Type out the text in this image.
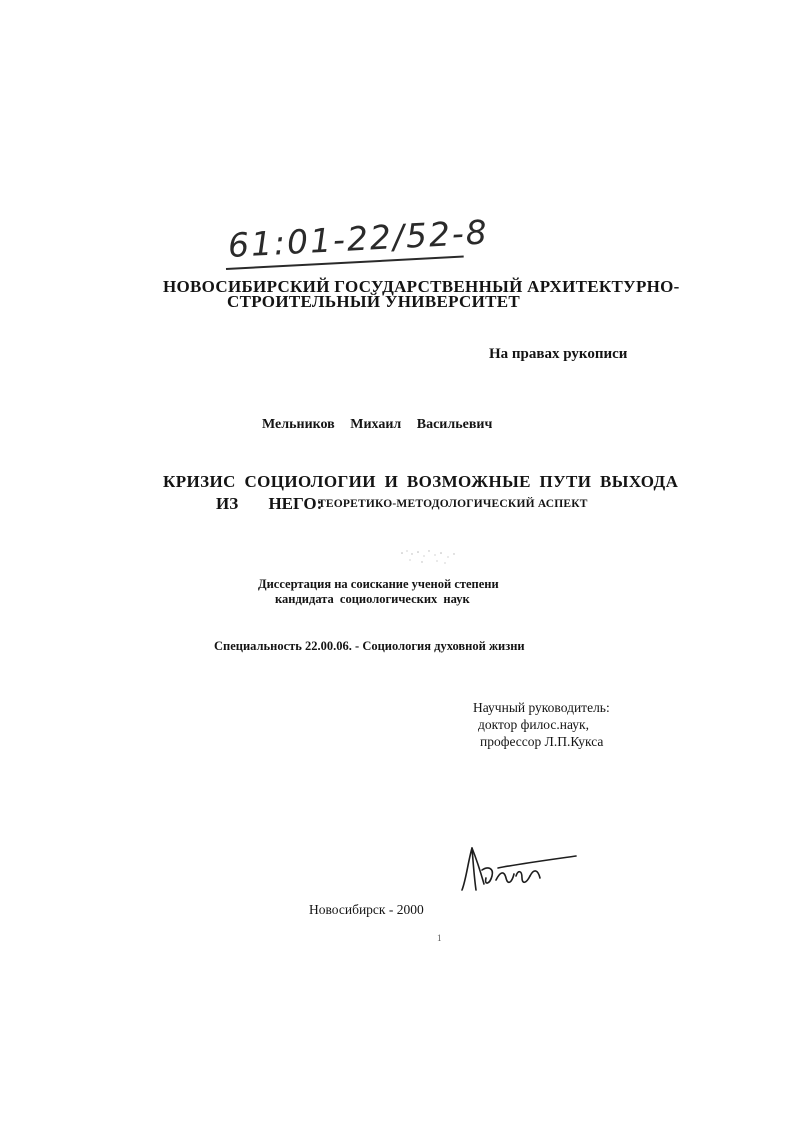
61:01-22/52-8
НОВОСИБИРСКИЙ ГОСУДАРСТВЕННЫЙ АРХИТЕКТУРНО-
СТРОИТЕЛЬНЫЙ УНИВЕРСИТЕТ
На правах рукописи
Мельников Михаил Васильевич
КРИЗИС СОЦИОЛОГИИ И ВОЗМОЖНЫЕ ПУТИ ВЫХОДА
ИЗ НЕГО:
ТЕОРЕТИКО-МЕТОДОЛОГИЧЕСКИЙ АСПЕКТ
Диссертация на соискание ученой степени
кандидата социологических наук
Специальность 22.00.06. - Социология духовной жизни
Научный руководитель:
доктор филос.наук,
профессор Л.П.Кукса
Новосибирск - 2000
1
